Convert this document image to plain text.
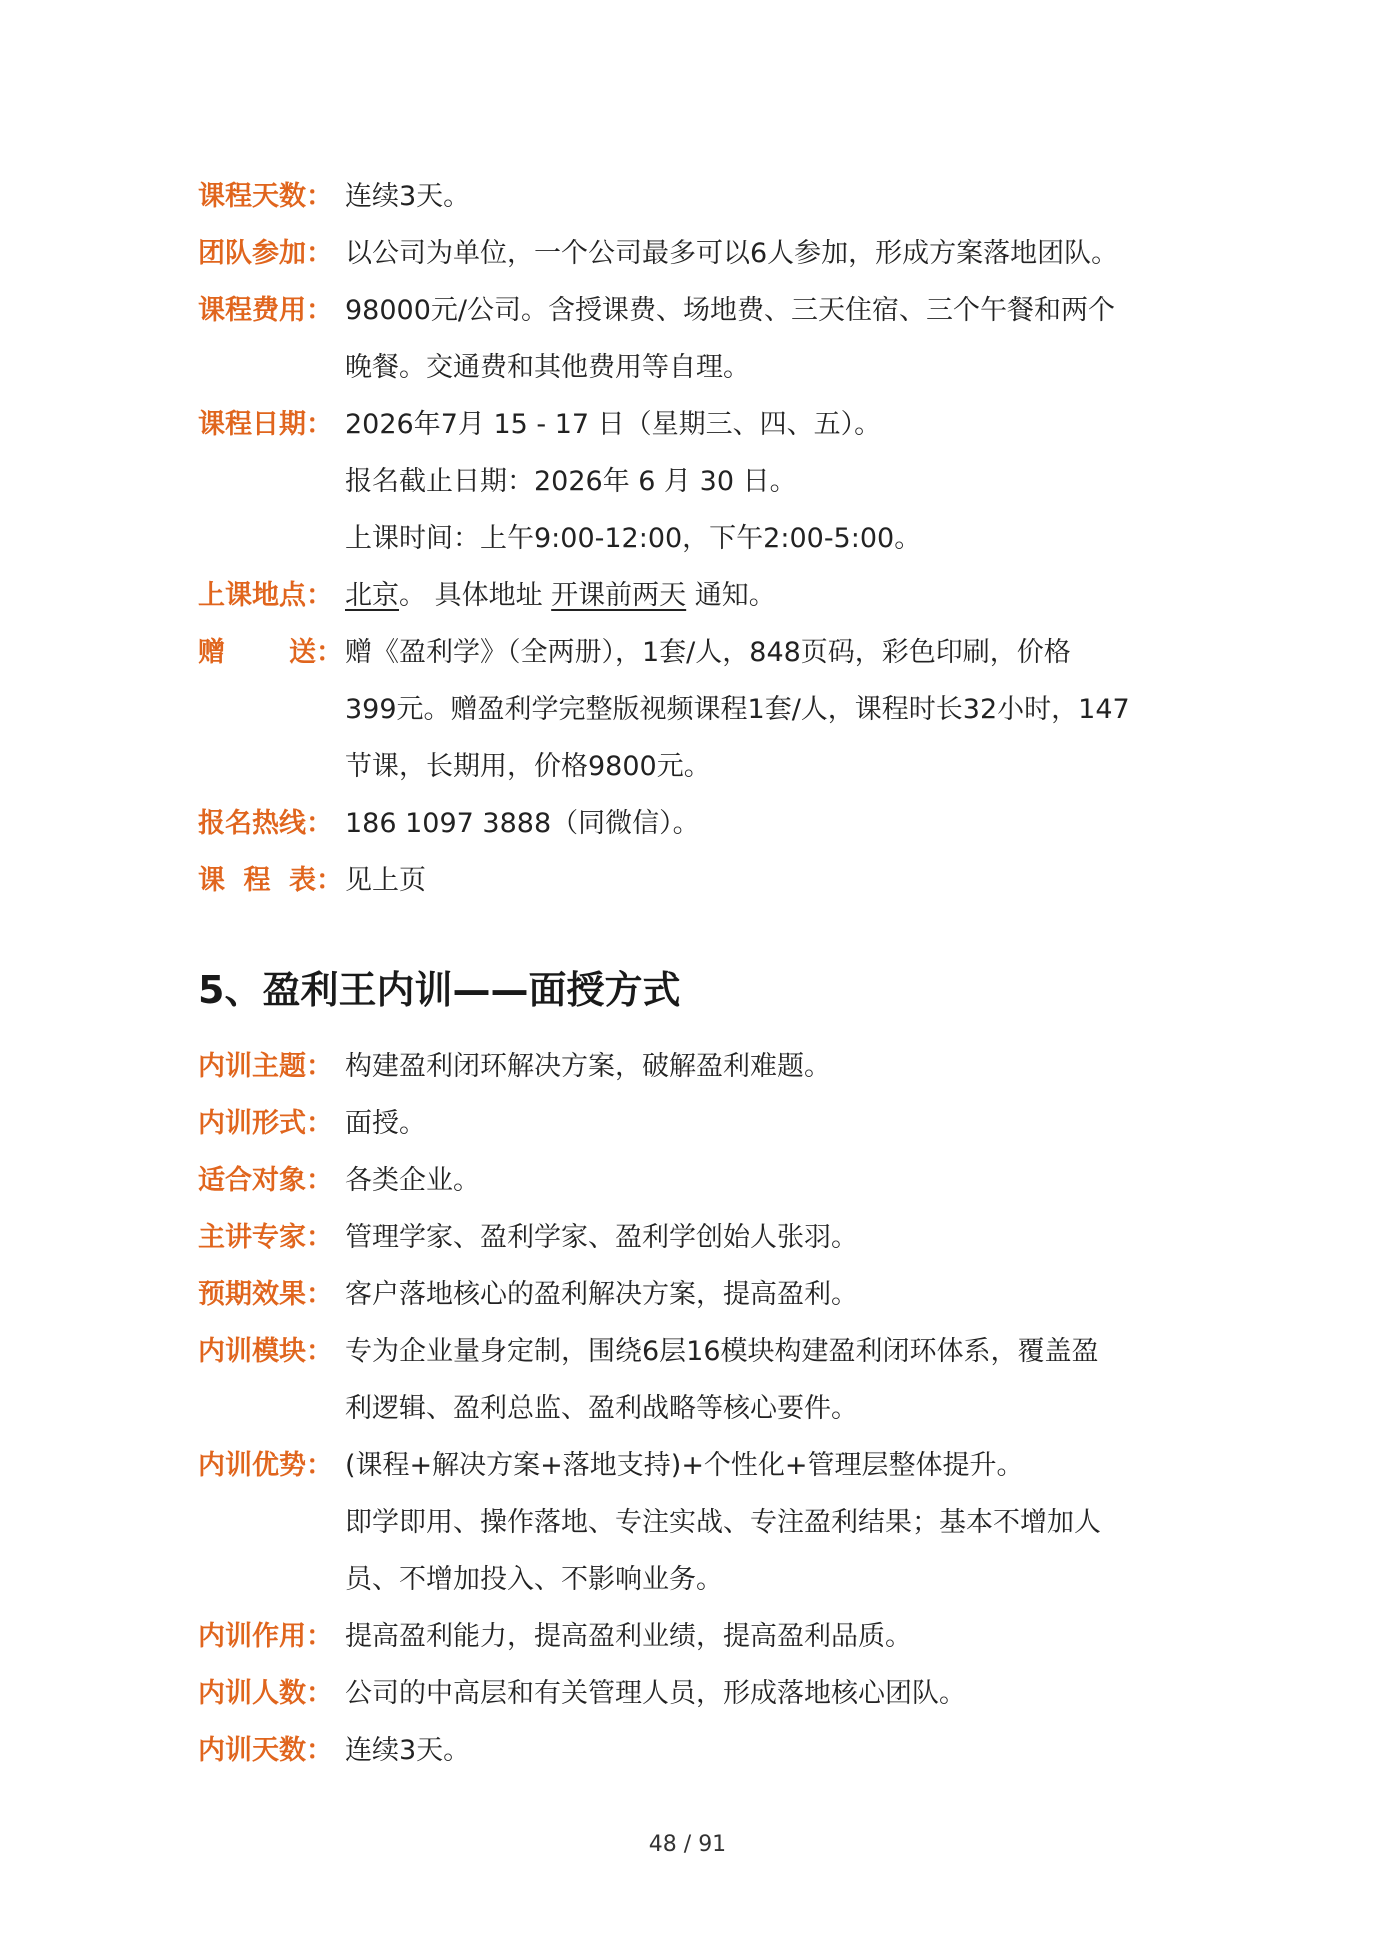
课程天数： 连续3天。
团队参加： 以公司为单位，一个公司最多可以6人参加，形成方案落地团队。
课程费用： 98000元/公司。含授课费、场地费、三天住宿、三个午餐和两个
晚餐。交通费和其他费用等自理。
课程日期： 2026年7月 15 - 17 日（星期三、四、五）。
报名截止日期：2026年 6 月 30 日。
上课时间：上午9:00-12:00，下午2:00-5:00。
上课地点： 北京。 具体地址 开课前两天 通知。
赠 送： 赠《盈利学》（全两册），1套/人，848页码，彩色印刷，价格
399元。赠盈利学完整版视频课程1套/人，课程时长32小时，147
节课，长期用，价格9800元。
报名热线： 186 1097 3888（同微信）。
课 程 表： 见上页
5、盈利王内训——面授方式
内训主题： 构建盈利闭环解决方案，破解盈利难题。
内训形式： 面授。
适合对象： 各类企业。
主讲专家： 管理学家、盈利学家、盈利学创始人张羽。
预期效果： 客户落地核心的盈利解决方案，提高盈利。
内训模块： 专为企业量身定制，围绕6层16模块构建盈利闭环体系，覆盖盈
利逻辑、盈利总监、盈利战略等核心要件。
内训优势： (课程+解决方案+落地支持)+个性化+管理层整体提升。
即学即用、操作落地、专注实战、专注盈利结果；基本不增加人
员、不增加投入、不影响业务。
内训作用： 提高盈利能力，提高盈利业绩，提高盈利品质。
内训人数： 公司的中高层和有关管理人员，形成落地核心团队。
内训天数： 连续3天。
48 / 91
